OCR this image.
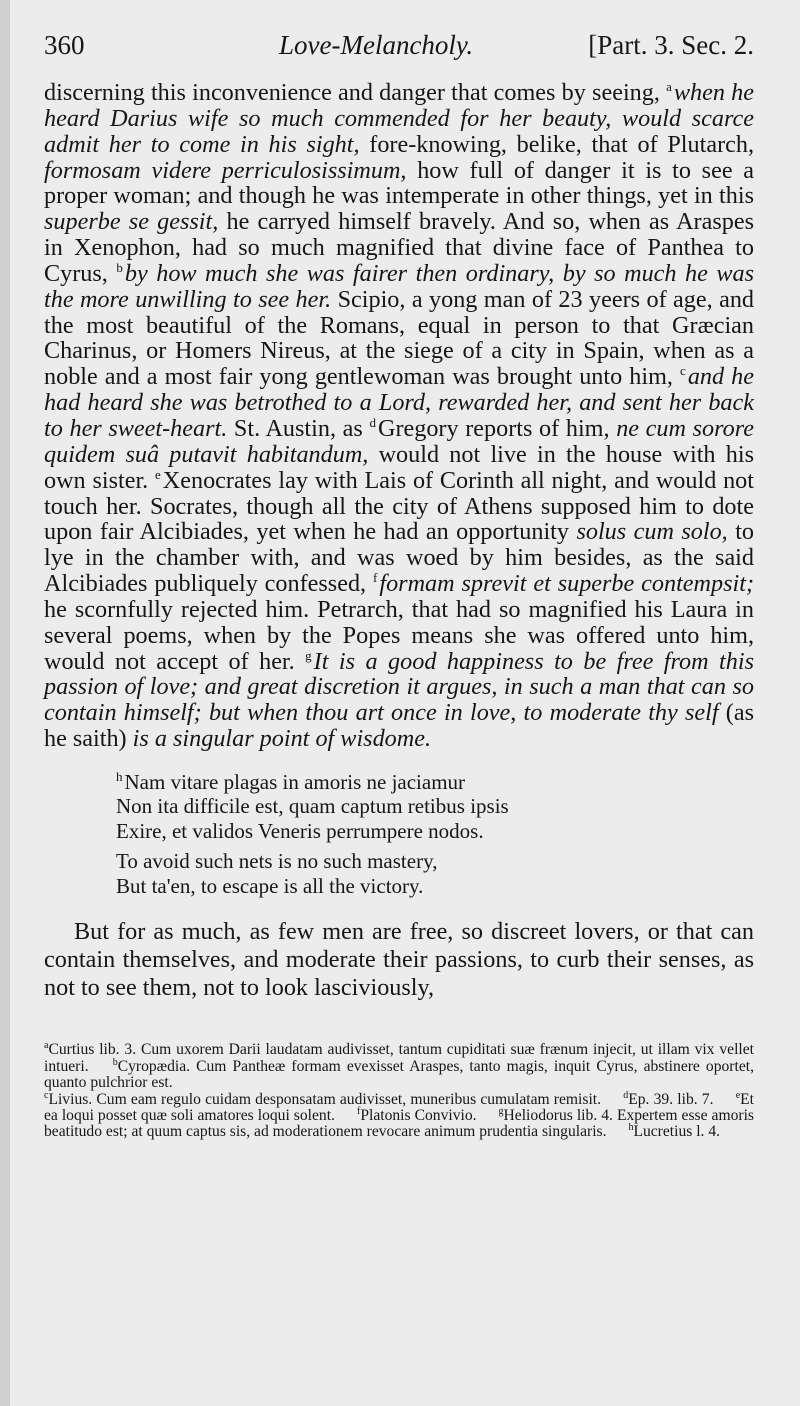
360	Love-Melancholy.	[Part. 3. Sec. 2.

discerning this inconvenience and danger that comes by seeing, $^a$when he heard Darius wife so much commended for her beauty, would scarce admit her to come in his sight, fore-knowing, belike, that of Plutarch, formosam videre perriculosissimum, how full of danger it is to see a proper woman; and though he was intemperate in other things, yet in this superbe se gessit, he carryed himself bravely. And so, when as Araspes in Xenophon, had so much magnified that divine face of Panthea to Cyrus, $^b$by how much she was fairer then ordinary, by so much he was the more unwilling to see her. Scipio, a yong man of 23 yeers of age, and the most beautiful of the Romans, equal in person to that Græcian Charinus, or Homers Nireus, at the siege of a city in Spain, when as a noble and a most fair yong gentlewoman was brought unto him, $^c$and he had heard she was betrothed to a Lord, rewarded her, and sent her back to her sweet-heart. St. Austin, as $^d$Gregory reports of him, ne cum sorore quidem suâ putavit habitandum, would not live in the house with his own sister. $^e$Xenocrates lay with Lais of Corinth all night, and would not touch her. Socrates, though all the city of Athens supposed him to dote upon fair Alcibiades, yet when he had an opportunity solus cum solo, to lye in the chamber with, and was woed by him besides, as the said Alcibiades publiquely confessed, $^f$formam sprevit et superbe contempsit; he scornfully rejected him. Petrarch, that had so magnified his Laura in several poems, when by the Popes means she was offered unto him, would not accept of her. $^g$It is a good happiness to be free from this passion of love; and great discretion it argues, in such a man that can so contain himself; but when thou art once in love, to moderate thy self (as he saith) is a singular point of wisdome.

$^h$Nam vitare plagas in amoris ne jaciamur
Non ita difficile est, quam captum retibus ipsis
Exire, et validos Veneris perrumpere nodos.
To avoid such nets is no such mastery,
But ta'en, to escape is all the victory.

But for as much, as few men are free, so discreet lovers, or that can contain themselves, and moderate their passions, to curb their senses, as not to see them, not to look lasciviously,

$^a$Curtius lib. 3. Cum uxorem Darii laudatam audivisset, tantum cupiditati suæ frænum injecit, ut illam vix vellet intueri. $^b$Cyropædia. Cum Pantheæ formam evexisset Araspes, tanto magis, inquit Cyrus, abstinere oportet, quanto pulchrior est.
$^c$Livius. Cum eam regulo cuidam desponsatam audivisset, muneribus cumulatam remisit. $^d$Ep. 39. lib. 7. $^e$Et ea loqui posset quæ soli amatores loqui solent. $^f$Platonis Convivio. $^g$Heliodorus lib. 4. Expertem esse amoris beatitudo est; at quum captus sis, ad moderationem revocare animum prudentia singularis. $^h$Lucretius l. 4.
